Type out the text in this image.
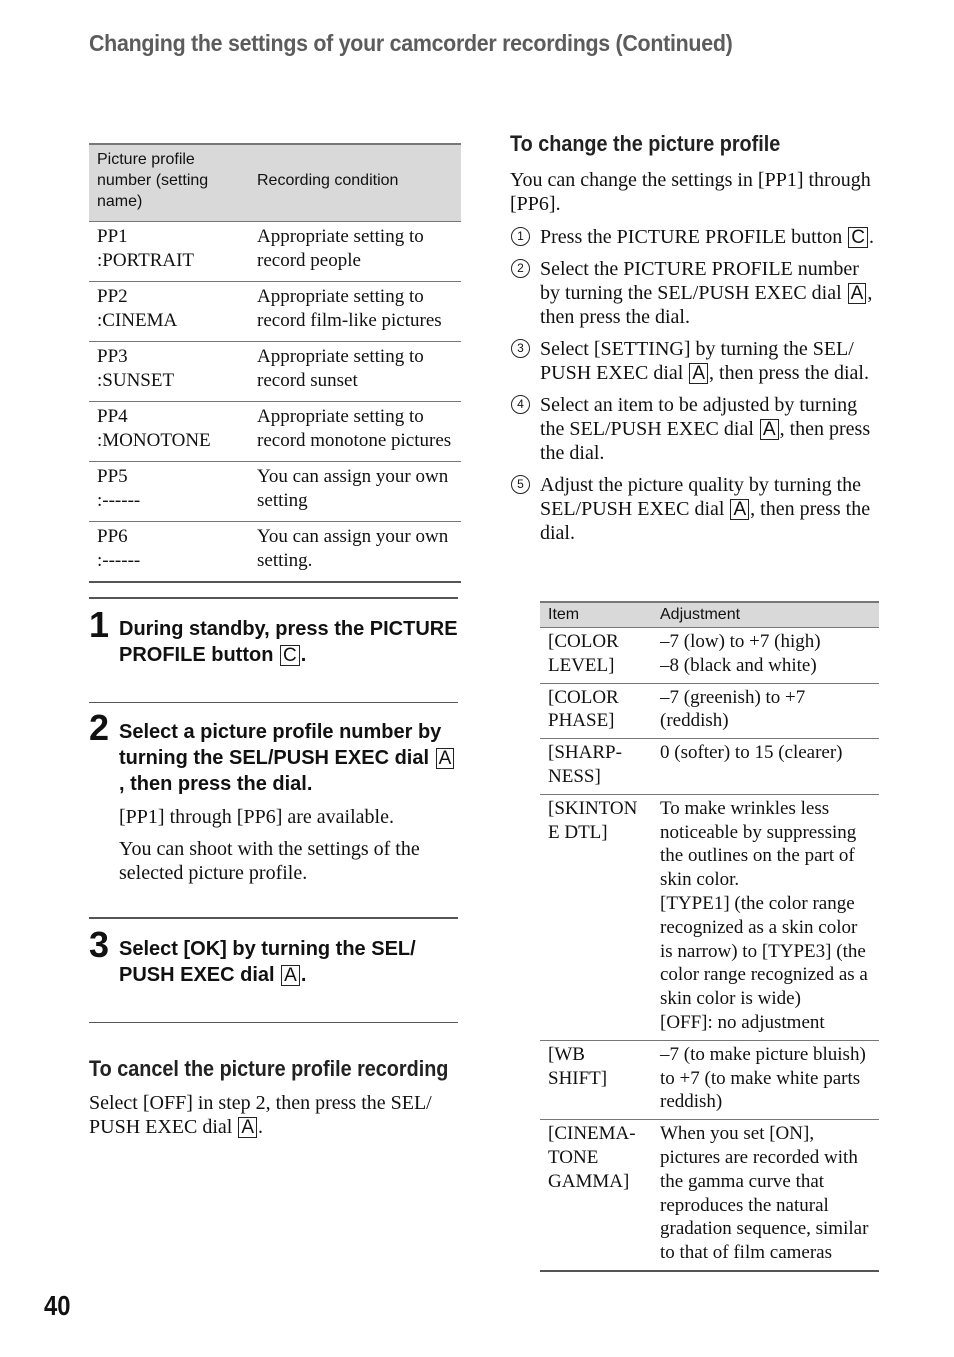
Changing the settings of your camcorder recordings (Continued)
Picture profile number (setting name)	Recording condition

PP1
:PORTRAIT	Appropriate setting to record people

PP2
:CINEMA	Appropriate setting to record film-like pictures

PP3
:SUNSET	Appropriate setting to record sunset

PP4
:MONOTONE	Appropriate setting to record monotone pictures

PP5
:------	You can assign your own setting

PP6
:------	You can assign your own setting.
1 During standby, press the PICTURE PROFILE button C .
2 Select a picture profile number by turning the SEL/PUSH EXEC dial A, then press the dial.

[PP1] through [PP6] are available.

You can shoot with the settings of the selected picture profile.

3 Select [OK] by turning the SEL/ PUSH EXEC dial A .
To cancel the picture profile recording

Select [OFF] in step 2, then press the SEL/ PUSH EXEC dial A .

To change the picture profile

You can change the settings in [PP1] through [PP6].

1 Press the PICTURE PROFILE button C .
2 Select the PICTURE PROFILE number by turning the SEL/PUSH EXEC dial A , then press the dial.
3 Select [SETTING] by turning the SEL/ PUSH EXEC dial A , then press the dial.
4 Select an item to be adjusted by turning the SEL/PUSH EXEC dial A , then press the dial.
5 Adjust the picture quality by turning the SEL/PUSH EXEC dial A , then press the dial.
Item	Adjustment
[COLOR LEVEL]	–7 (low) to +7 (high)
–8 (black and white)

[COLOR PHASE]	–7 (greenish) to +7 (reddish)

[SHARP-NESS]	0 (softer) to 15 (clearer)

[SKINTON E DTL]	To make wrinkles less noticeable by suppressing the outlines on the part of skin color.
[TYPE1] (the color range recognized as a skin color is narrow) to [TYPE3] (the color range recognized as a skin color is wide)
[OFF]: no adjustment

[WB SHIFT]	–7 (to make picture bluish) to +7 (to make white parts reddish)

[CINEMA-TONE GAMMA]	When you set [ON], pictures are recorded with the gamma curve that reproduces the natural gradation sequence, similar to that of film cameras
40
